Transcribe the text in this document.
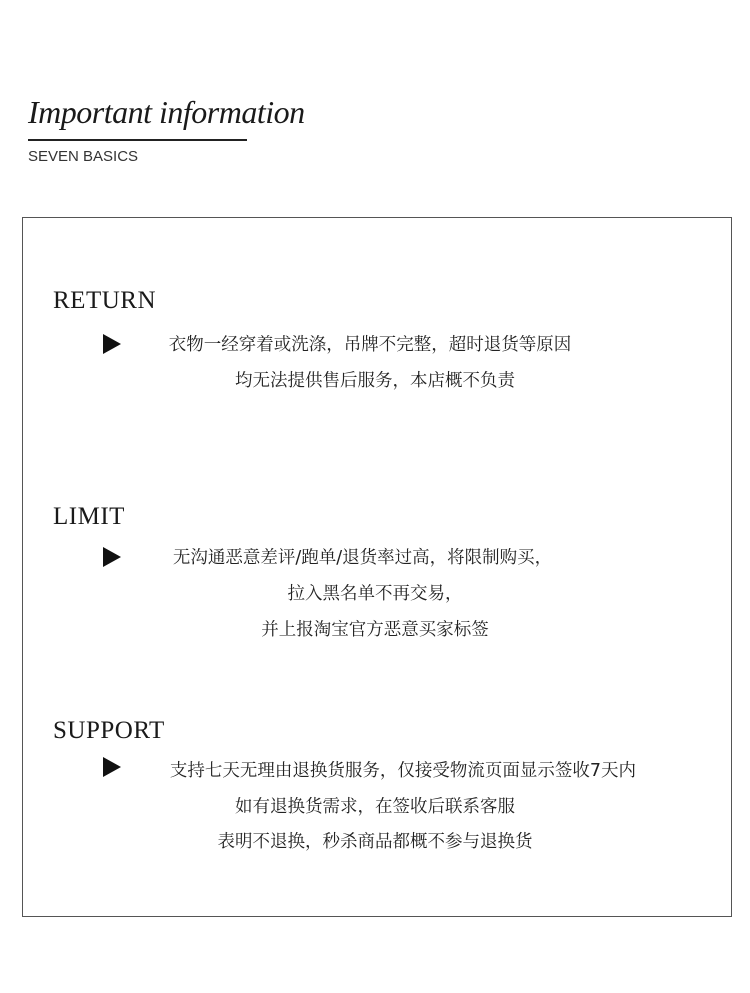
Important information
SEVEN BASICS
RETURN
衣物一经穿着或洗涤，吊牌不完整，超时退货等原因
均无法提供售后服务，本店概不负责
LIMIT
无沟通恶意差评/跑单/退货率过高，将限制购买，
拉入黑名单不再交易，
并上报淘宝官方恶意买家标签
SUPPORT
支持七天无理由退换货服务，仅接受物流页面显示签收7天内
如有退换货需求，在签收后联系客服
表明不退换，秒杀商品都概不参与退换货
